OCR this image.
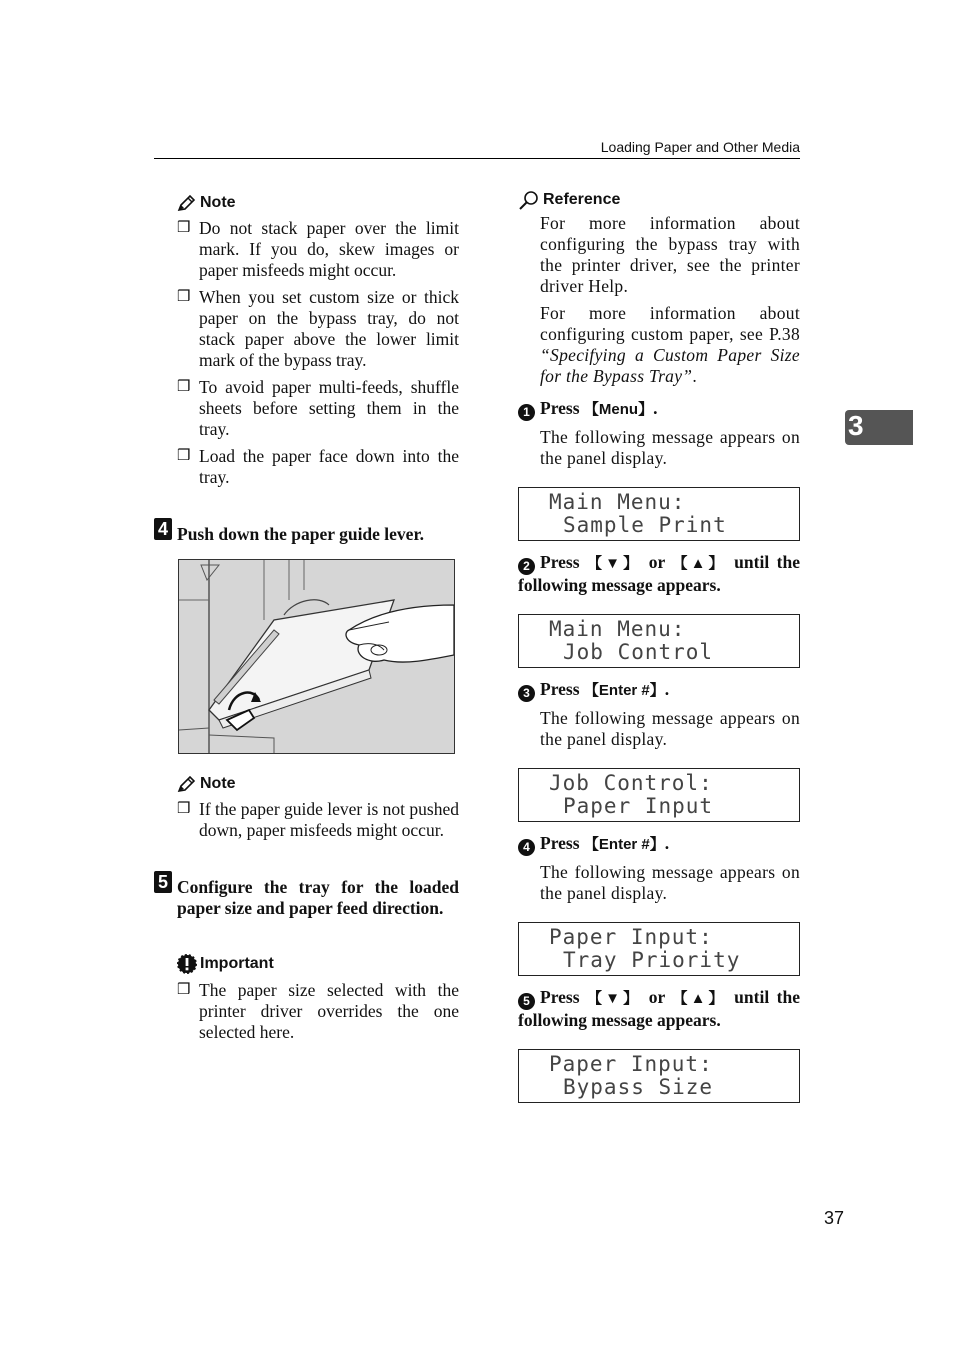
Loading Paper and Other Media
3
Note
❒ Do not stack paper over the limit mark. If you do, skew images or paper misfeeds might occur.
❒ When you set custom size or thick paper on the bypass tray, do not stack paper above the lower limit mark of the bypass tray.
❒ To avoid paper multi-feeds, shuffle sheets before setting them in the tray.
❒ Load the paper face down into the tray.
4 Push down the paper guide lever.
Note
❒ If the paper guide lever is not pushed down, paper misfeeds might occur.
5 Configure the tray for the loaded paper size and paper feed direction.
Important
❒ The paper size selected with the printer driver overrides the one selected here.
Reference
For more information about configuring the bypass tray with the printer driver, see the printer driver Help.
For more information about configuring custom paper, see P.38 “Specifying a Custom Paper Size for the Bypass Tray”.
1 Press 【Menu】.
The following message appears on the panel display.
Main Menu:
Sample Print
2 Press 【▼】 or 【▲】 until the following message appears.
Main Menu:
Job Control
3 Press 【Enter #】.
The following message appears on the panel display.
Job Control:
Paper Input
4 Press 【Enter #】.
The following message appears on the panel display.
Paper Input:
Tray Priority
5 Press 【▼】 or 【▲】 until the following message appears.
Paper Input:
Bypass Size
37
